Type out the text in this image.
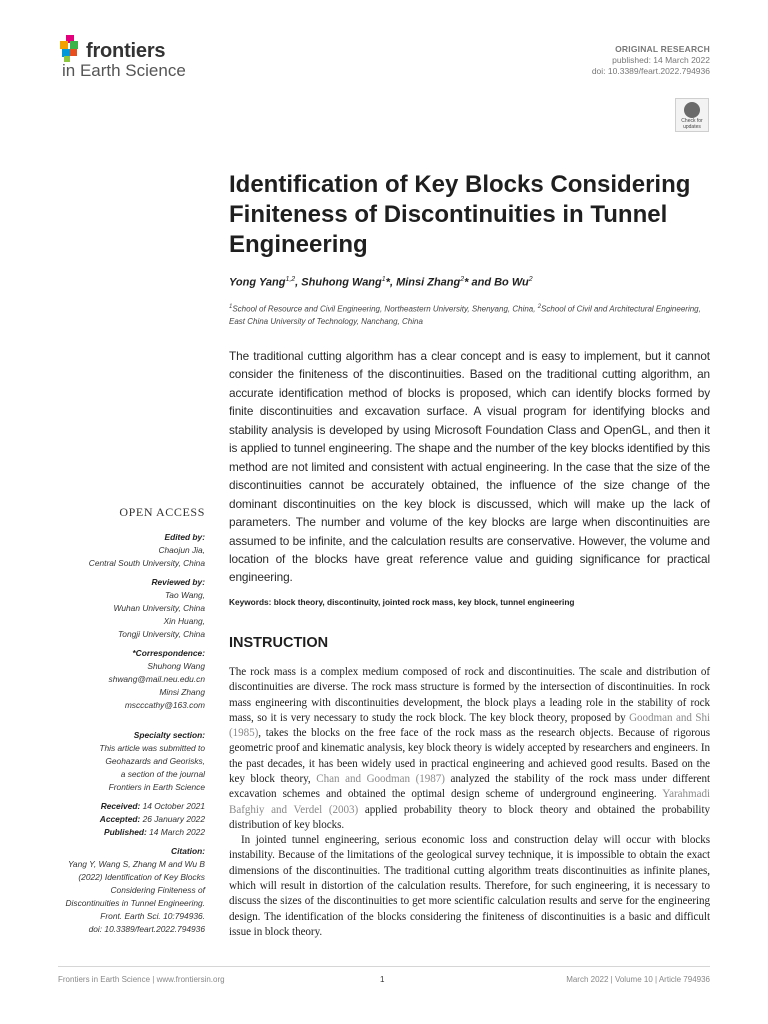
frontiers
in Earth Science
ORIGINAL RESEARCH
published: 14 March 2022
doi: 10.3389/feart.2022.794936
Check for updates
Identification of Key Blocks Considering Finiteness of Discontinuities in Tunnel Engineering
Yong Yang$^{1,2}$, Shuhong Wang$^1$*, Minsi Zhang$^2$* and Bo Wu$^2$
$^1$School of Resource and Civil Engineering, Northeastern University, Shenyang, China, $^2$School of Civil and Architectural Engineering, East China University of Technology, Nanchang, China
The traditional cutting algorithm has a clear concept and is easy to implement, but it cannot consider the finiteness of the discontinuities. Based on the traditional cutting algorithm, an accurate identification method of blocks is proposed, which can identify blocks formed by finite discontinuities and excavation surface. A visual program for identifying blocks and stability analysis is developed by using Microsoft Foundation Class and OpenGL, and then it is applied to tunnel engineering. The shape and the number of the key blocks identified by this method are not limited and consistent with actual engineering. In the case that the size of the discontinuities cannot be accurately obtained, the influence of the size change of the dominant discontinuities on the key block is discussed, which will make up the lack of parameters. The number and volume of the key blocks are large when discontinuities are assumed to be infinite, and the calculation results are conservative. However, the volume and location of the blocks have great reference value and guiding significance for practical engineering.
Keywords: block theory, discontinuity, jointed rock mass, key block, tunnel engineering
INSTRUCTION

The rock mass is a complex medium composed of rock and discontinuities. The scale and distribution of discontinuities are diverse. The rock mass structure is formed by the intersection of discontinuities. In rock mass engineering with discontinuities development, the block plays a leading role in the stability of rock mass, so it is very necessary to study the rock block. The key block theory, proposed by Goodman and Shi (1985), takes the blocks on the free face of the rock mass as the research objects. Because of rigorous geometric proof and kinematic analysis, key block theory is widely accepted by researchers and engineers. In the past decades, it has been widely used in practical engineering and achieved good results. Based on the key block theory, Chan and Goodman (1987) analyzed the stability of the rock mass under different excavation schemes and obtained the optimal design scheme of underground engineering. Yarahmadi Bafghiy and Verdel (2003) applied probability theory to block theory and obtained the probability distribution of key blocks.

In jointed tunnel engineering, serious economic loss and construction delay will occur with blocks instability. Because of the limitations of the geological survey technique, it is impossible to obtain the exact dimensions of the discontinuities. The traditional cutting algorithm treats discontinuities as infinite planes, which will result in distortion of the calculation results. Therefore, for such engineering, it is necessary to discuss the sizes of the discontinuities to get more scientific calculation results and serve for the engineering design. The identification of the blocks considering the finiteness of discontinuities is a basic and difficult issue in block theory.

OPEN ACCESS
Edited by:
Chaojun Jia,
Central South University, China
Reviewed by:
Tao Wang,
Wuhan University, China
Xin Huang,
Tongji University, China
*Correspondence:
Shuhong Wang
shwang@mail.neu.edu.cn
Minsi Zhang
mscccathy@163.com
Specialty section:
This article was submitted to
Geohazards and Georisks,
a section of the journal
Frontiers in Earth Science
Received: 14 October 2021
Accepted: 26 January 2022
Published: 14 March 2022
Citation:
Yang Y, Wang S, Zhang M and Wu B
(2022) Identification of Key Blocks
Considering Finiteness of
Discontinuities in Tunnel Engineering.
Front. Earth Sci. 10:794936.
doi: 10.3389/feart.2022.794936
Frontiers in Earth Science | www.frontiersin.org	1	March 2022 | Volume 10 | Article 794936
